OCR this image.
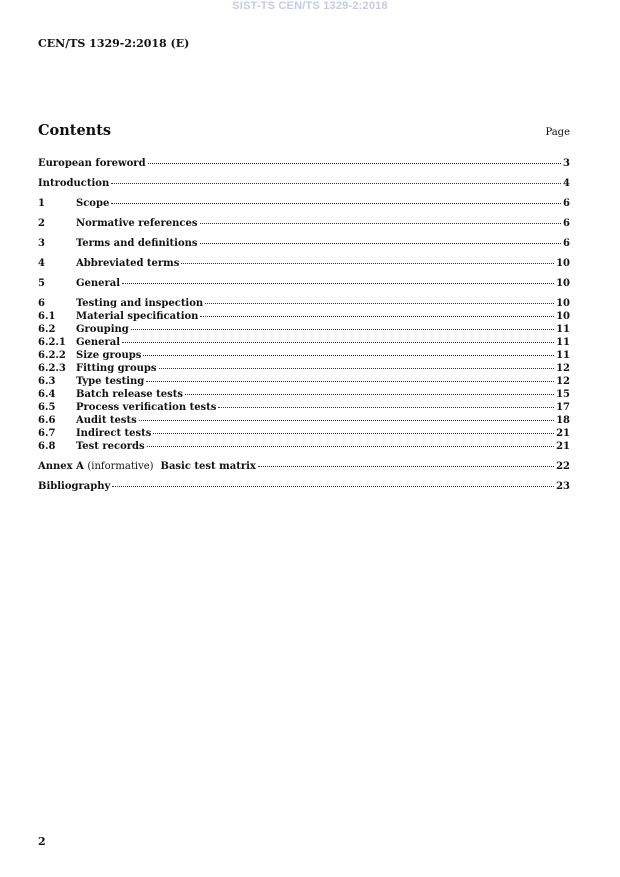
SIST-TS CEN/TS 1329-2:2018
CEN/TS 1329-2:2018 (E)
Contents	Page
European foreword	3
Introduction	4
1	Scope	6
2	Normative references	6
3	Terms and definitions	6
4	Abbreviated terms	10
5	General	10
6	Testing and inspection	10
6.1	Material specification	10
6.2	Grouping	11
6.2.1	General	11
6.2.2	Size groups	11
6.2.3	Fitting groups	12
6.3	Type testing	12
6.4	Batch release tests	15
6.5	Process verification tests	17
6.6	Audit tests	18
6.7	Indirect tests	21
6.8	Test records	21
Annex A (informative) Basic test matrix	22
Bibliography	23
2
